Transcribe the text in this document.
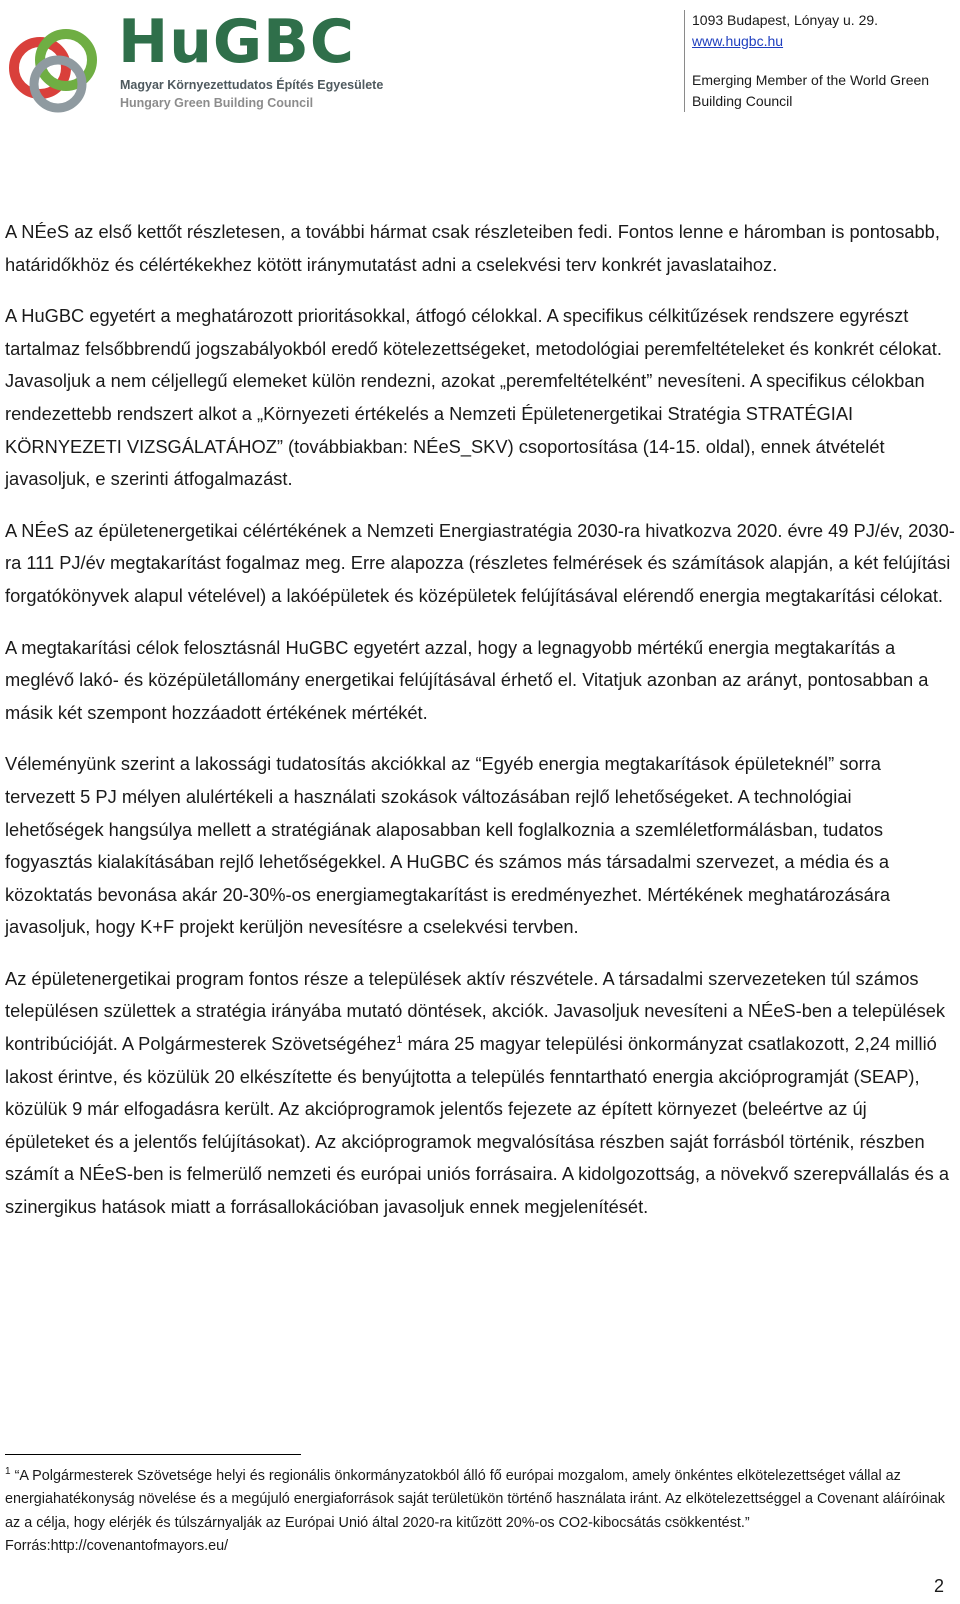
HuGBC
Magyar Környezettudatos Építés Egyesülete
Hungary Green Building Council
1093 Budapest, Lónyay u. 29.
www.hugbc.hu
Emerging Member of the World Green
Building Council

A NÉeS az első kettőt részletesen, a további hármat csak részleteiben fedi. Fontos lenne e háromban is pontosabb, határidőkhöz és célértékekhez kötött iránymutatást adni a cselekvési terv konkrét javaslataihoz.

A HuGBC egyetért a meghatározott prioritásokkal, átfogó célokkal. A specifikus célkitűzések rendszere egyrészt tartalmaz felsőbbrendű jogszabályokból eredő kötelezettségeket, metodológiai peremfeltételeket és konkrét célokat. Javasoljuk a nem céljellegű elemeket külön rendezni, azokat „peremfeltételként” nevesíteni. A specifikus célokban rendezettebb rendszert alkot a „Környezeti értékelés a Nemzeti Épületenergetikai Stratégia STRATÉGIAI KÖRNYEZETI VIZSGÁLATÁHOZ” (továbbiakban: NÉeS_SKV) csoportosítása (14-15. oldal), ennek átvételét javasoljuk, e szerinti átfogalmazást.

A NÉeS az épületenergetikai célértékének a Nemzeti Energiastratégia 2030-ra hivatkozva 2020. évre 49 PJ/év, 2030-ra 111 PJ/év megtakarítást fogalmaz meg. Erre alapozza (részletes felmérések és számítások alapján, a két felújítási forgatókönyvek alapul vételével) a lakóépületek és középületek felújításával elérendő energia megtakarítási célokat.

A megtakarítási célok felosztásnál HuGBC egyetért azzal, hogy a legnagyobb mértékű energia megtakarítás a meglévő lakó- és középületállomány energetikai felújításával érhető el. Vitatjuk azonban az arányt, pontosabban a másik két szempont hozzáadott értékének mértékét.

Véleményünk szerint a lakossági tudatosítás akciókkal az “Egyéb energia megtakarítások épületeknél” sorra tervezett 5 PJ mélyen alulértékeli a használati szokások változásában rejlő lehetőségeket. A technológiai lehetőségek hangsúlya mellett a stratégiának alaposabban kell foglalkoznia a szemléletformálásban, tudatos fogyasztás kialakításában rejlő lehetőségekkel. A HuGBC és számos más társadalmi szervezet, a média és a közoktatás bevonása akár 20-30%-os energiamegtakarítást is eredményezhet. Mértékének meghatározására javasoljuk, hogy K+F projekt kerüljön nevesítésre a cselekvési tervben.

Az épületenergetikai program fontos része a települések aktív részvétele. A társadalmi szervezeteken túl számos településen születtek a stratégia irányába mutató döntések, akciók. Javasoljuk nevesíteni a NÉeS-ben a települések kontribúcióját. A Polgármesterek Szövetségéhez$^1$ mára 25 magyar települési önkormányzat csatlakozott, 2,24 millió lakost érintve, és közülük 20 elkészítette és benyújtotta a település fenntartható energia akcióprogramját (SEAP), közülük 9 már elfogadásra került. Az akcióprogramok jelentős fejezete az épített környezet (beleértve az új épületeket és a jelentős felújításokat). Az akcióprogramok megvalósítása részben saját forrásból történik, részben számít a NÉeS-ben is felmerülő nemzeti és európai uniós forrásaira. A kidolgozottság, a növekvő szerepvállalás és a szinergikus hatások miatt a forrásallokációban javasoljuk ennek megjelenítését.

$^1$ “A Polgármesterek Szövetsége helyi és regionális önkormányzatokból álló fő európai mozgalom, amely önkéntes elkötelezettséget vállal az energiahatékonyság növelése és a megújuló energiaforrások saját területükön történő használata iránt. Az elkötelezettséggel a Covenant aláíróinak az a célja, hogy elérjék és túlszárnyalják az Európai Unió által 2020-ra kitűzött 20%-os CO2-kibocsátás csökkentést.” Forrás:http://covenantofmayors.eu/
2
